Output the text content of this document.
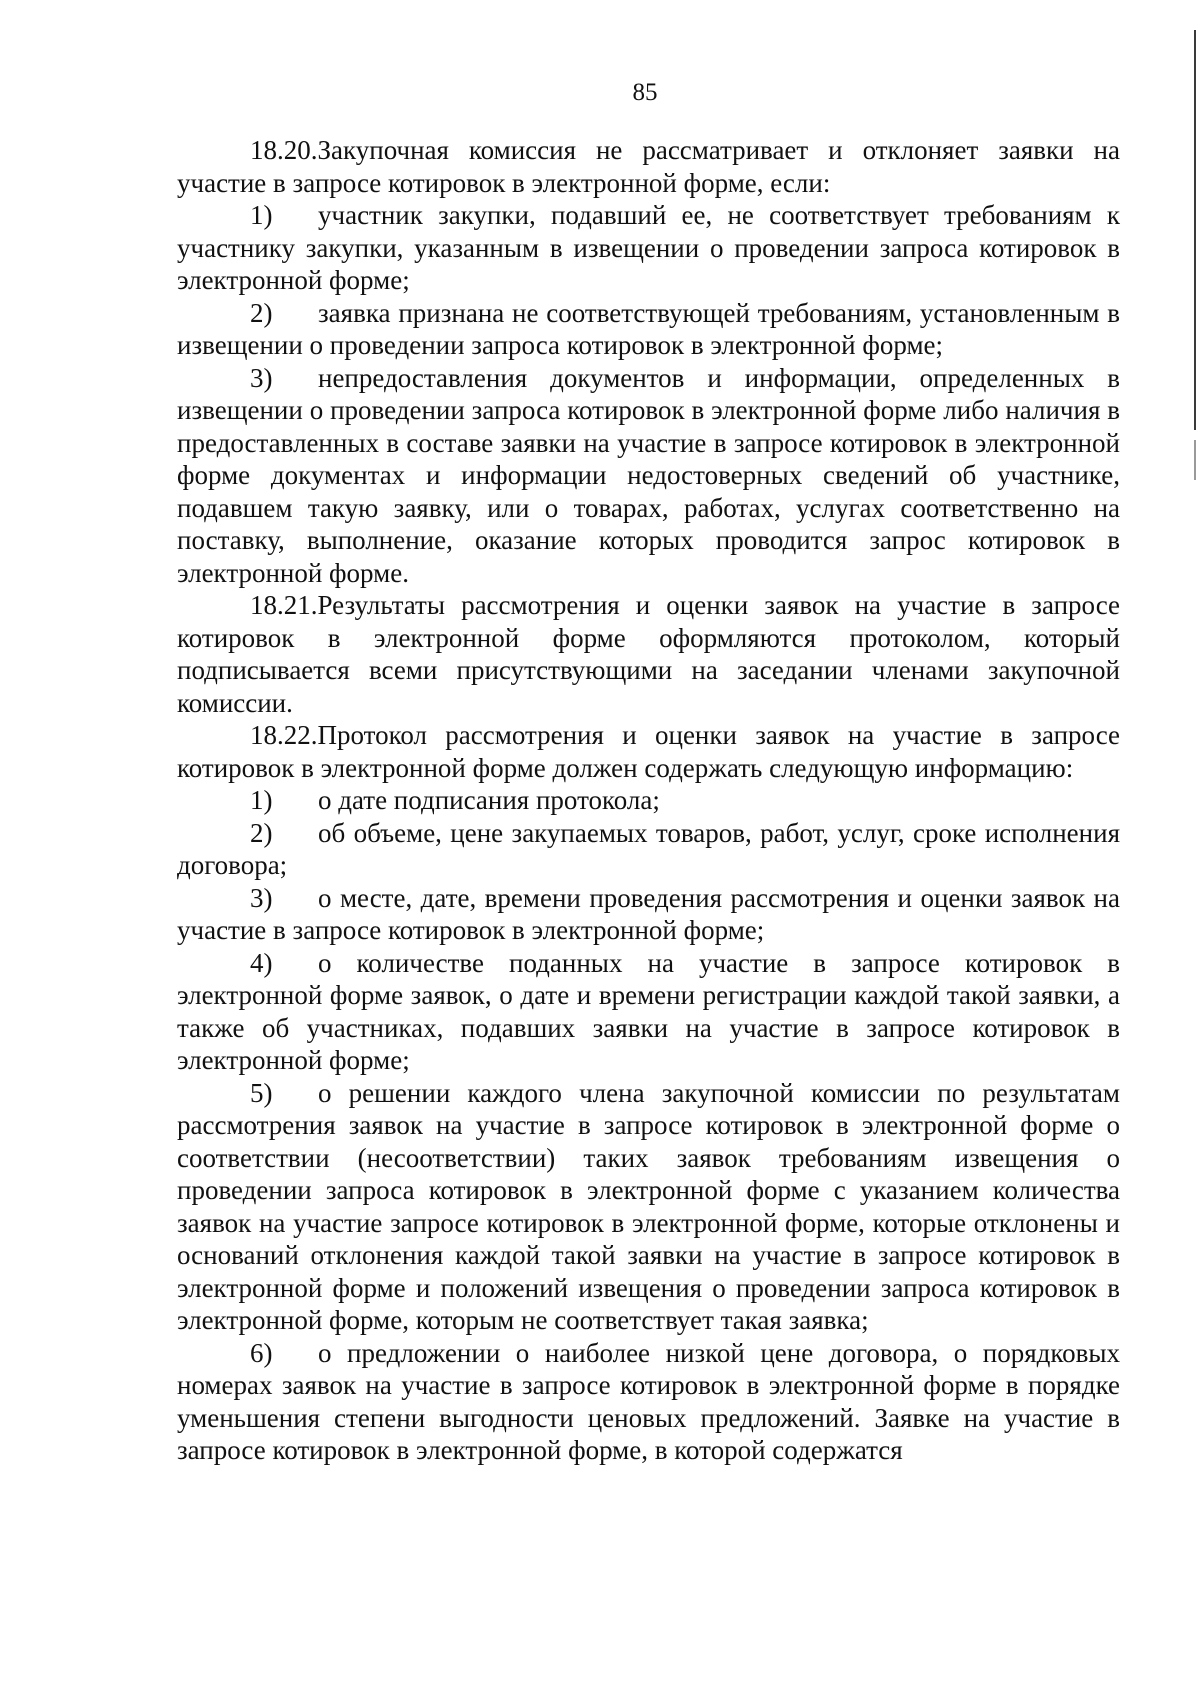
85

18.20.Закупочная комиссия не рассматривает и отклоняет заявки на участие в запросе котировок в электронной форме, если:

1) участник закупки, подавший ее, не соответствует требованиям к участнику закупки, указанным в извещении о проведении запроса котировок в электронной форме;

2) заявка признана не соответствующей требованиям, установленным в извещении о проведении запроса котировок в электронной форме;

3) непредоставления документов и информации, определенных в извещении о проведении запроса котировок в электронной форме либо наличия в предоставленных в составе заявки на участие в запросе котировок в электронной форме документах и информации недостоверных сведений об участнике, подавшем такую заявку, или о товарах, работах, услугах соответственно на поставку, выполнение, оказание которых проводится запрос котировок в электронной форме.

18.21.Результаты рассмотрения и оценки заявок на участие в запросе котировок в электронной форме оформляются протоколом, который подписывается всеми присутствующими на заседании членами закупочной комиссии.

18.22.Протокол рассмотрения и оценки заявок на участие в запросе котировок в электронной форме должен содержать следующую информацию:

1) о дате подписания протокола;

2) об объеме, цене закупаемых товаров, работ, услуг, сроке исполнения договора;

3) о месте, дате, времени проведения рассмотрения и оценки заявок на участие в запросе котировок в электронной форме;

4) о количестве поданных на участие в запросе котировок в электронной форме заявок, о дате и времени регистрации каждой такой заявки, а также об участниках, подавших заявки на участие в запросе котировок в электронной форме;

5) о решении каждого члена закупочной комиссии по результатам рассмотрения заявок на участие в запросе котировок в электронной форме о соответствии (несоответствии) таких заявок требованиям извещения о проведении запроса котировок в электронной форме с указанием количества заявок на участие запросе котировок в электронной форме, которые отклонены и оснований отклонения каждой такой заявки на участие в запросе котировок в электронной форме и положений извещения о проведении запроса котировок в электронной форме, которым не соответствует такая заявка;

6) о предложении о наиболее низкой цене договора, о порядковых номерах заявок на участие в запросе котировок в электронной форме в порядке уменьшения степени выгодности ценовых предложений. Заявке на участие в запросе котировок в электронной форме, в которой содержатся
